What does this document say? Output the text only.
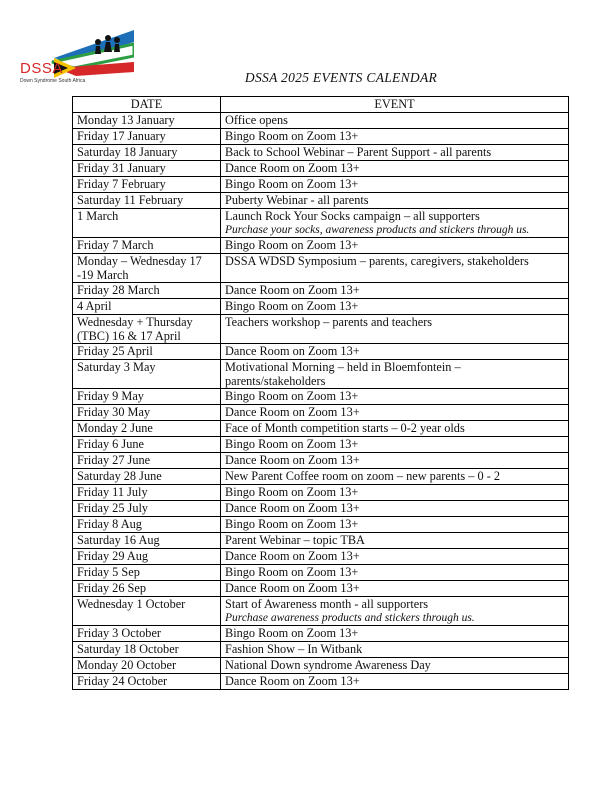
DSSA
Down Syndrome South Africa	DSSA 2025 EVENTS CALENDAR
DATE	EVENT
Monday 13 January	Office opens
Friday 17 January	Bingo Room on Zoom 13+
Saturday 18 January	Back to School Webinar – Parent Support - all parents
Friday 31 January	Dance Room on Zoom 13+
Friday 7 February	Bingo Room on Zoom 13+
Saturday 11 February	Puberty Webinar - all parents
1 March	Launch Rock Your Socks campaign – all supporters
Purchase your socks, awareness products and stickers through us.

Friday 7 March	Bingo Room on Zoom 13+
Monday – Wednesday 17 -19 March	DSSA WDSD Symposium – parents, caregivers, stakeholders
Friday 28 March	Dance Room on Zoom 13+
4 April	Bingo Room on Zoom 13+
Wednesday + Thursday (TBC) 16 & 17 April	Teachers workshop – parents and teachers
Friday 25 April	Dance Room on Zoom 13+
Saturday 3 May	Motivational Morning – held in Bloemfontein – parents/stakeholders
Friday 9 May	Bingo Room on Zoom 13+
Friday 30 May	Dance Room on Zoom 13+
Monday 2 June	Face of Month competition starts – 0-2 year olds
Friday 6 June	Bingo Room on Zoom 13+
Friday 27 June	Dance Room on Zoom 13+
Saturday 28 June	New Parent Coffee room on zoom – new parents – 0 - 2
Friday 11 July	Bingo Room on Zoom 13+
Friday 25 July	Dance Room on Zoom 13+
Friday 8 Aug	Bingo Room on Zoom 13+
Saturday 16 Aug	Parent Webinar – topic TBA
Friday 29 Aug	Dance Room on Zoom 13+
Friday 5 Sep	Bingo Room on Zoom 13+
Friday 26 Sep	Dance Room on Zoom 13+
Wednesday 1 October	Start of Awareness month - all supporters
Purchase awareness products and stickers through us.

Friday 3 October	Bingo Room on Zoom 13+
Saturday 18 October	Fashion Show – In Witbank
Monday 20 October	National Down syndrome Awareness Day
Friday 24 October	Dance Room on Zoom 13+
